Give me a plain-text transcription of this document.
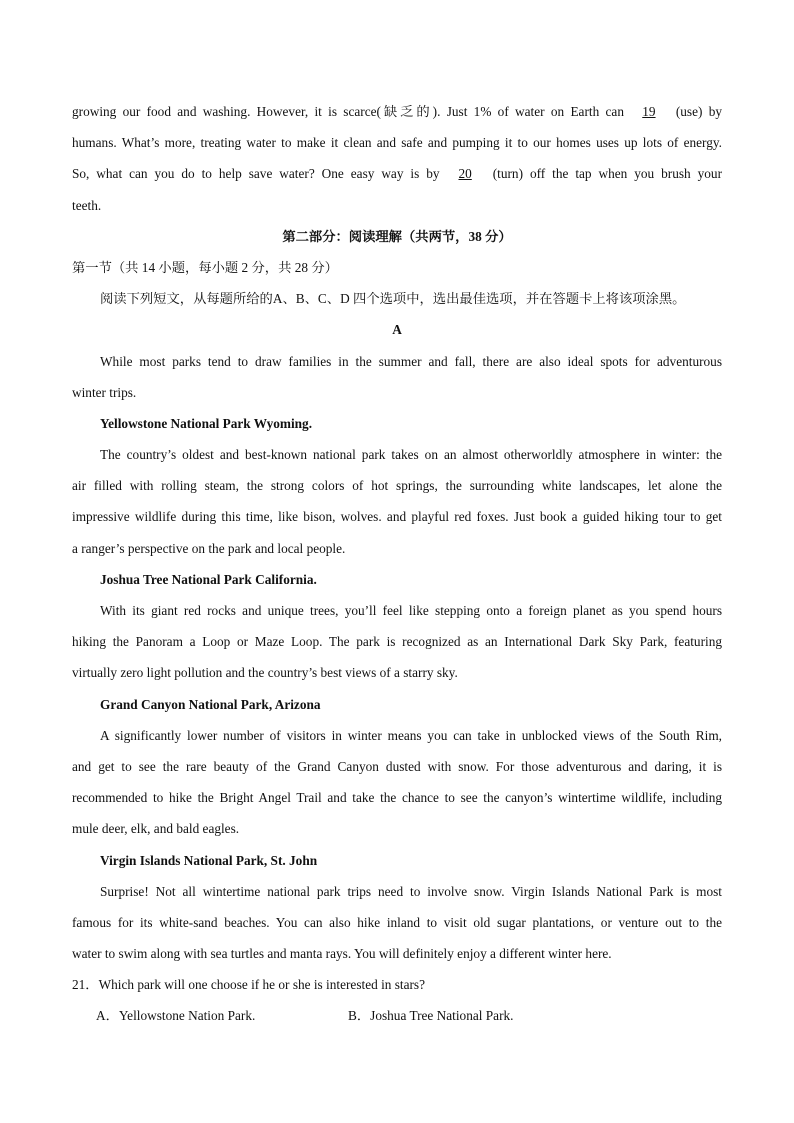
growing our food and washing. However, it is scarce(缺乏的). Just 1% of water on Earth can 19 (use) by
humans. What’s more, treating water to make it clean and safe and pumping it to our homes uses up lots of energy.
So, what can you do to help save water? One easy way is by 20 (turn) off the tap when you brush your
teeth.
第二部分：阅读理解（共两节，38 分）
第一节（共 14 小题，每小题 2 分，共 28 分）
阅读下列短文，从每题所给的A、B、C、D 四个选项中，选出最佳选项，并在答题卡上将该项涂黑。
A
While most parks tend to draw families in the summer and fall, there are also ideal spots for adventurous
winter trips.
Yellowstone National Park Wyoming.
The country’s oldest and best-known national park takes on an almost otherworldly atmosphere in winter: the
air filled with rolling steam, the strong colors of hot springs, the surrounding white landscapes, let alone the
impressive wildlife during this time, like bison, wolves. and playful red foxes. Just book a guided hiking tour to get
a ranger’s perspective on the park and local people.
Joshua Tree National Park California.
With its giant red rocks and unique trees, you’ll feel like stepping onto a foreign planet as you spend hours
hiking the Panoram a Loop or Maze Loop. The park is recognized as an International Dark Sky Park, featuring
virtually zero light pollution and the country’s best views of a starry sky.
Grand Canyon National Park, Arizona
A significantly lower number of visitors in winter means you can take in unblocked views of the South Rim,
and get to see the rare beauty of the Grand Canyon dusted with snow. For those adventurous and daring, it is
recommended to hike the Bright Angel Trail and take the chance to see the canyon’s wintertime wildlife, including
mule deer, elk, and bald eagles.
Virgin Islands National Park, St. John
Surprise! Not all wintertime national park trips need to involve snow. Virgin Islands National Park is most
famous for its white-sand beaches. You can also hike inland to visit old sugar plantations, or venture out to the
water to swim along with sea turtles and manta rays. You will definitely enjoy a different winter here.
21．Which park will one choose if he or she is interested in stars?
A．Yellowstone Nation Park.	B．Joshua Tree National Park.
